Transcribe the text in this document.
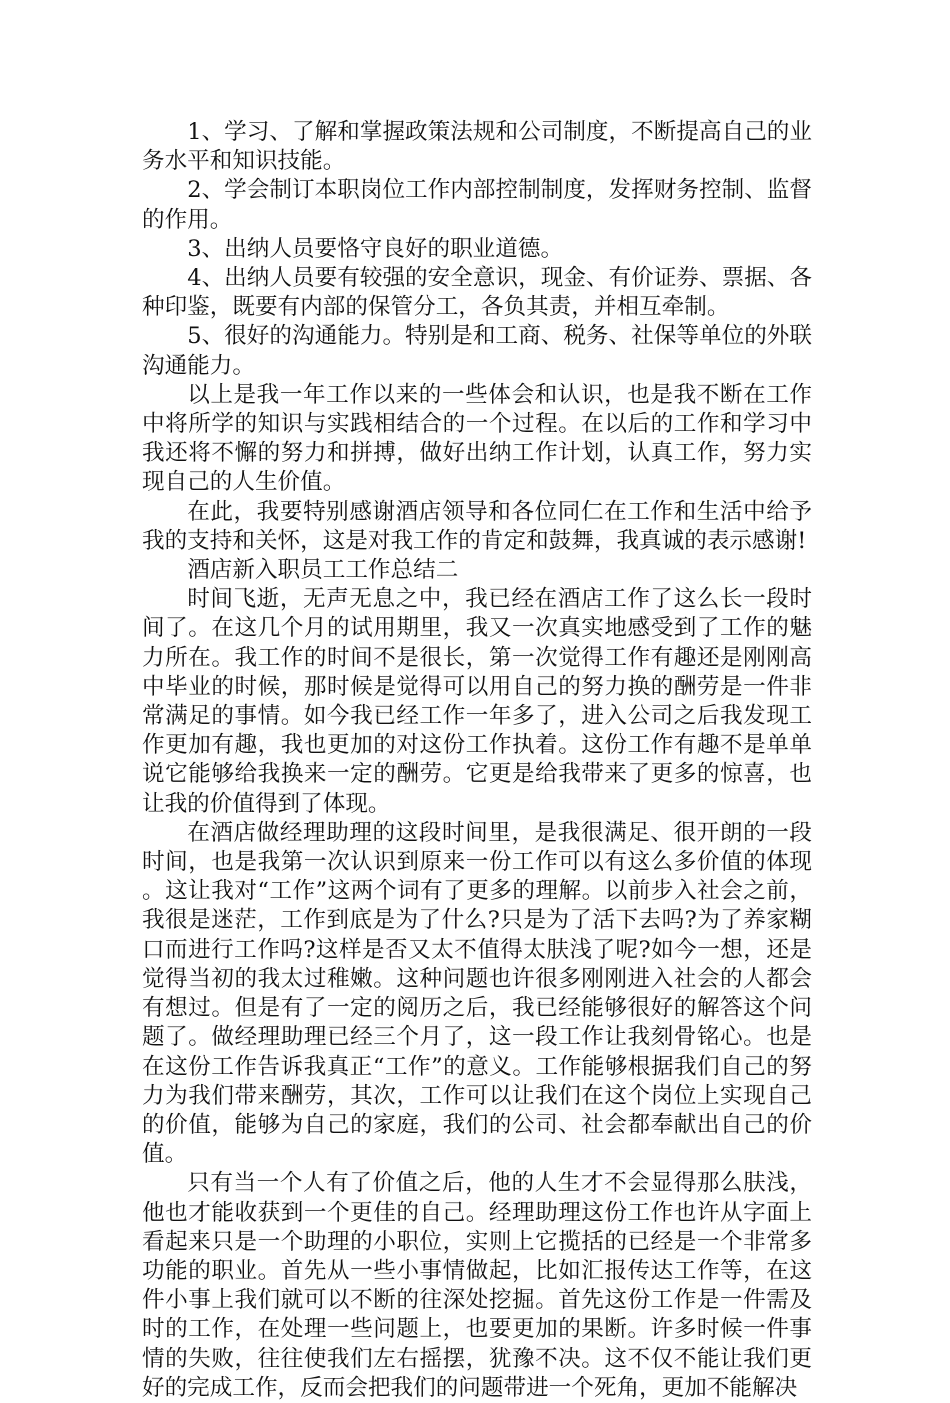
1、学习、了解和掌握政策法规和公司制度，不断提高自己的业务水平和知识技能。

2、学会制订本职岗位工作内部控制制度，发挥财务控制、监督的作用。

3、出纳人员要恪守良好的职业道德。

4、出纳人员要有较强的安全意识，现金、有价证券、票据、各种印鉴，既要有内部的保管分工，各负其责，并相互牵制。

5、很好的沟通能力。特别是和工商、税务、社保等单位的外联沟通能力。

以上是我一年工作以来的一些体会和认识，也是我不断在工作中将所学的知识与实践相结合的一个过程。在以后的工作和学习中我还将不懈的努力和拼搏，做好出纳工作计划，认真工作，努力实现自己的人生价值。

在此，我要特别感谢酒店领导和各位同仁在工作和生活中给予我的支持和关怀，这是对我工作的肯定和鼓舞，我真诚的表示感谢!

酒店新入职员工工作总结二

时间飞逝，无声无息之中，我已经在酒店工作了这么长一段时间了。在这几个月的试用期里，我又一次真实地感受到了工作的魅力所在。我工作的时间不是很长，第一次觉得工作有趣还是刚刚高中毕业的时候，那时候是觉得可以用自己的努力换的酬劳是一件非常满足的事情。如今我已经工作一年多了，进入公司之后我发现工作更加有趣，我也更加的对这份工作执着。这份工作有趣不是单单说它能够给我换来一定的酬劳。它更是给我带来了更多的惊喜，也让我的价值得到了体现。

在酒店做经理助理的这段时间里，是我很满足、很开朗的一段时间，也是我第一次认识到原来一份工作可以有这么多价值的体现。这让我对“工作”这两个词有了更多的理解。以前步入社会之前，我很是迷茫，工作到底是为了什么?只是为了活下去吗?为了养家糊口而进行工作吗?这样是否又太不值得太肤浅了呢?如今一想，还是觉得当初的我太过稚嫩。这种问题也许很多刚刚进入社会的人都会有想过。但是有了一定的阅历之后，我已经能够很好的解答这个问题了。做经理助理已经三个月了，这一段工作让我刻骨铭心。也是在这份工作告诉我真正“工作”的意义。工作能够根据我们自己的努力为我们带来酬劳，其次，工作可以让我们在这个岗位上实现自己的价值，能够为自己的家庭，我们的公司、社会都奉献出自己的价值。

只有当一个人有了价值之后，他的人生才不会显得那么肤浅，他也才能收获到一个更佳的自己。经理助理这份工作也许从字面上看起来只是一个助理的小职位，实则上它揽括的已经是一个非常多功能的职业。首先从一些小事情做起，比如汇报传达工作等，在这件小事上我们就可以不断的往深处挖掘。首先这份工作是一件需及时的工作，在处理一些问题上，也要更加的果断。许多时候一件事情的失败，往往使我们左右摇摆，犹豫不决。这不仅不能让我们更好的完成工作，反而会把我们的问题带进一个死角，更加不能解决
